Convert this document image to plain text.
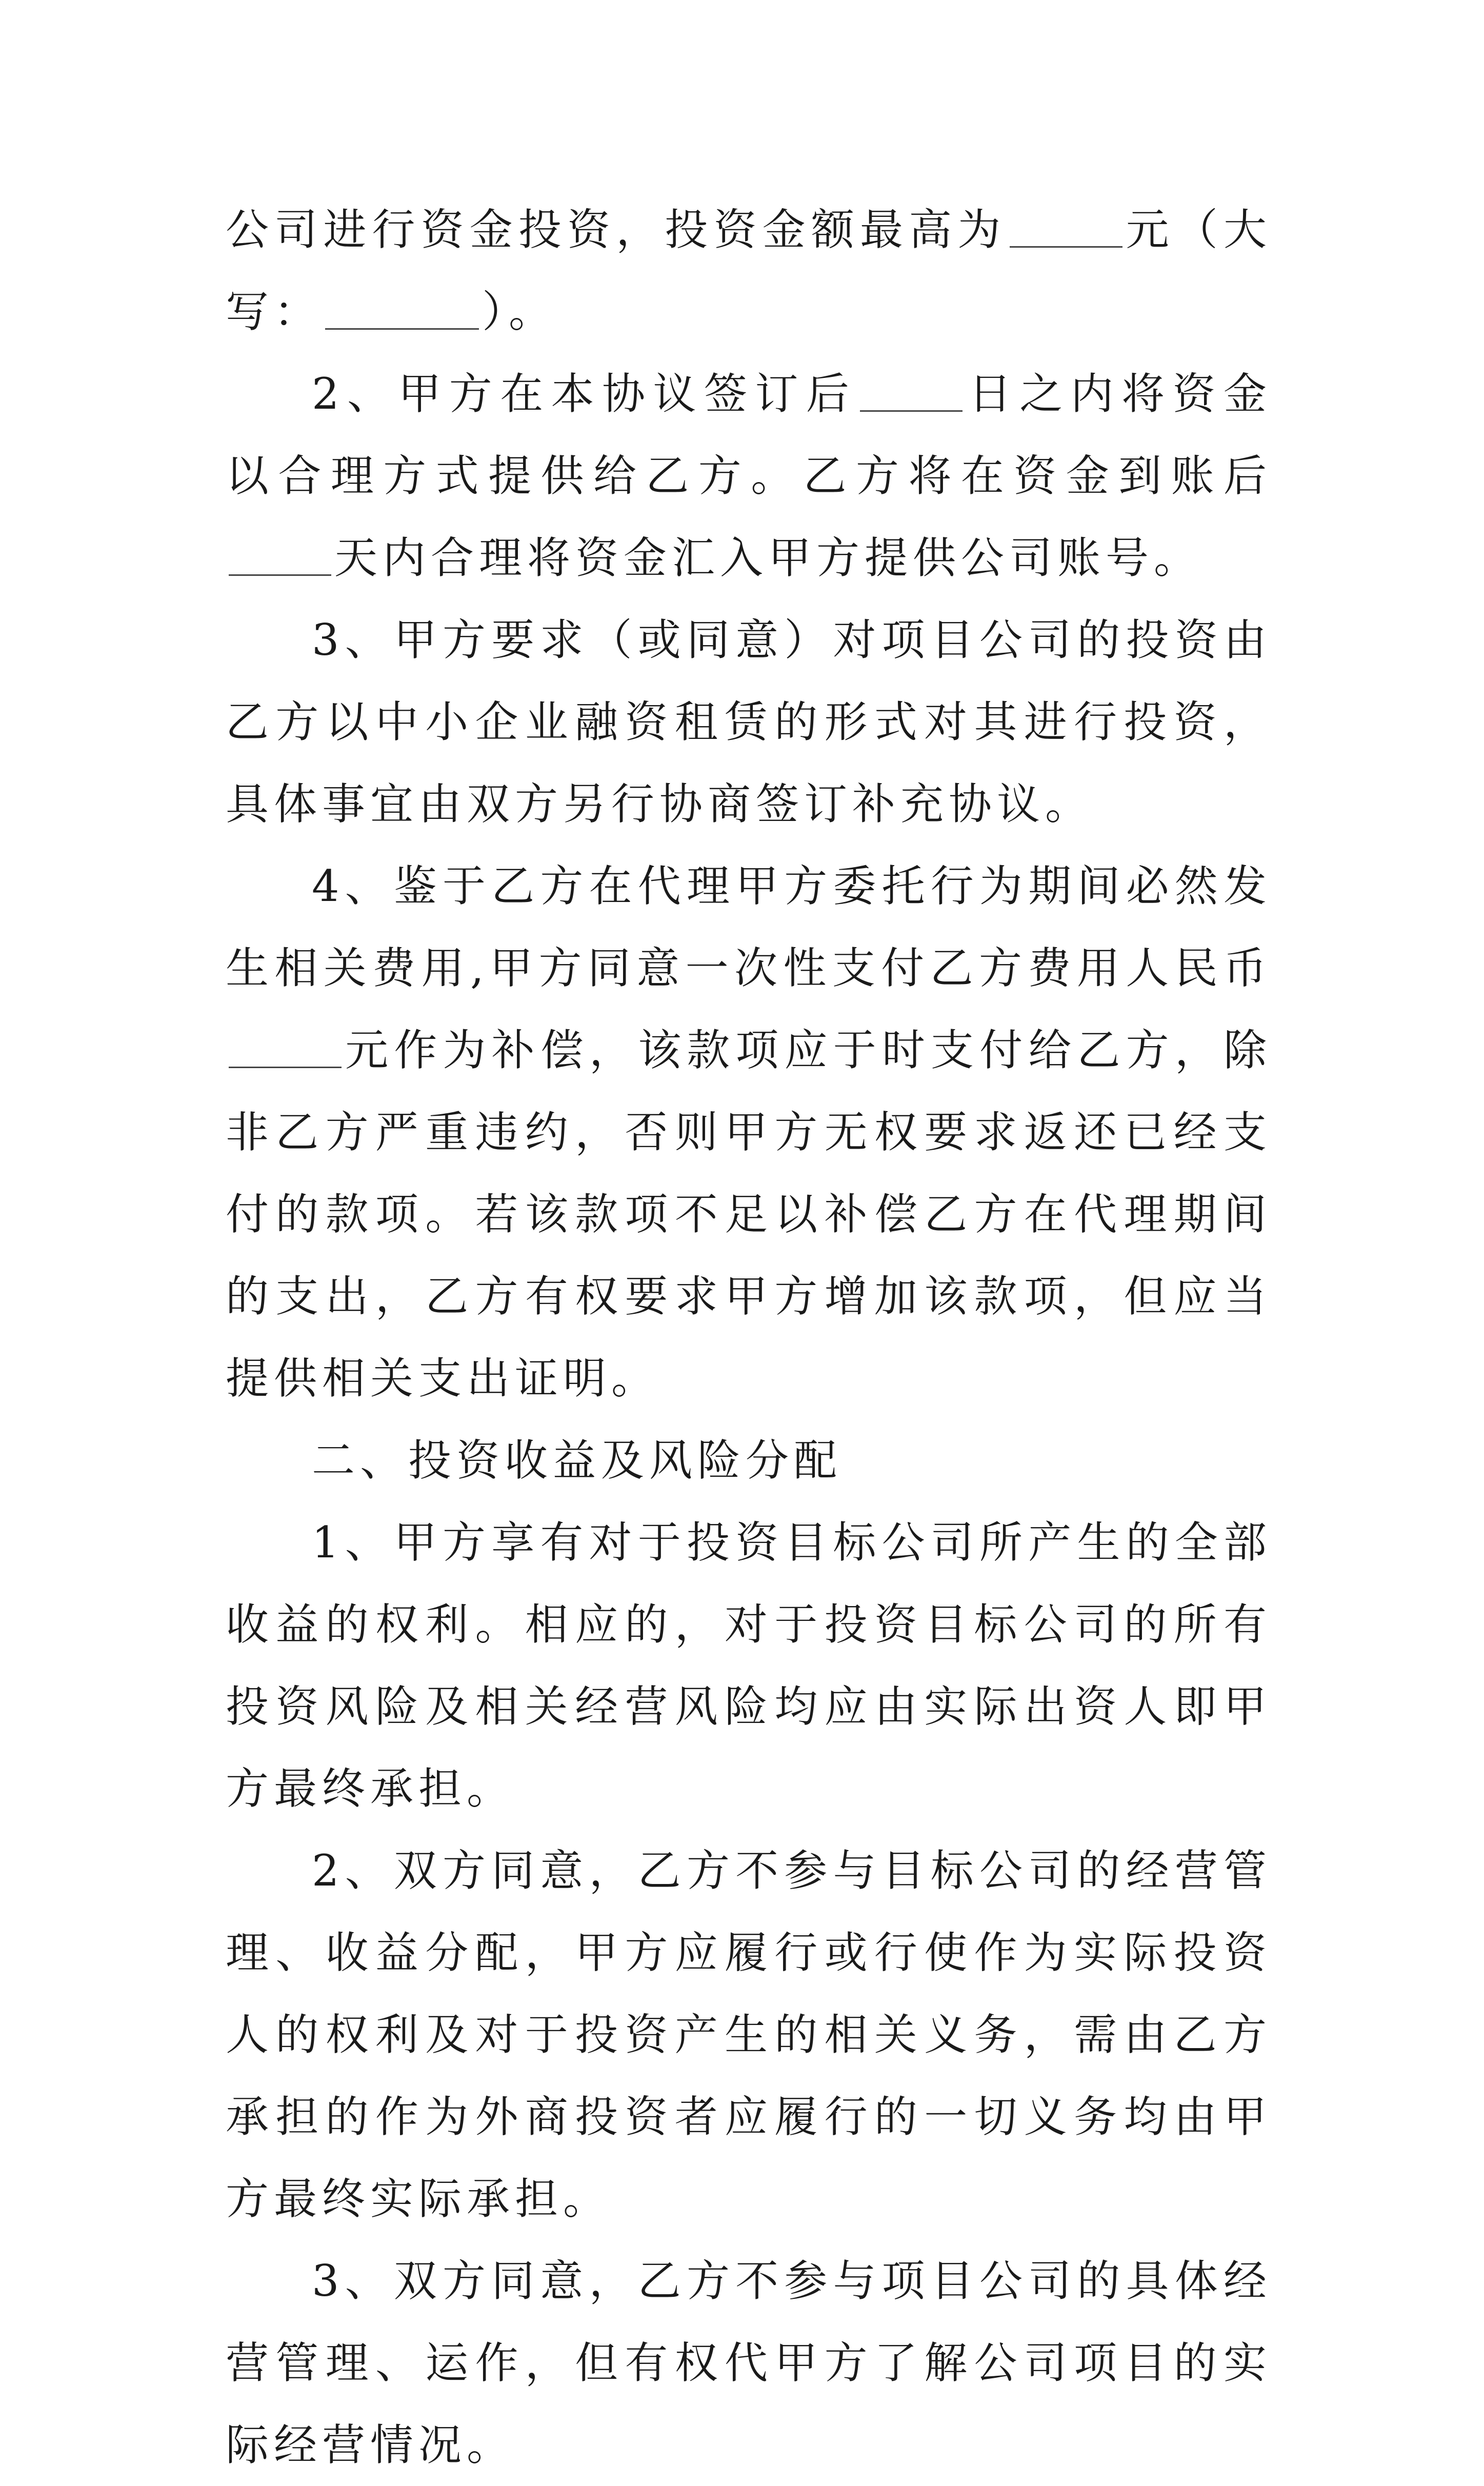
公司进行资金投资，投资金额最高为	元（大写：	）。

2、甲方在本协议签订后	日之内将资金以合理方式提供给乙方。乙方将在资金到账后天内合理将资金汇入甲方提供公司账号。

3、甲方要求（或同意）对项目公司的投资由乙方以中小企业融资租赁的形式对其进行投资，具体事宜由双方另行协商签订补充协议。

4、鉴于乙方在代理甲方委托行为期间必然发生相关费用,甲方同意一次性支付乙方费用人民币元作为补偿，该款项应于时支付给乙方，除非乙方严重违约，否则甲方无权要求返还已经支付的款项。若该款项不足以补偿乙方在代理期间的支出，乙方有权要求甲方增加该款项，但应当提供相关支出证明。

二、投资收益及风险分配

1、甲方享有对于投资目标公司所产生的全部收益的权利。相应的，对于投资目标公司的所有投资风险及相关经营风险均应由实际出资人即甲方最终承担。

2、双方同意，乙方不参与目标公司的经营管理、收益分配，甲方应履行或行使作为实际投资人的权利及对于投资产生的相关义务，需由乙方承担的作为外商投资者应履行的一切义务均由甲方最终实际承担。

3、双方同意，乙方不参与项目公司的具体经营管理、运作，但有权代甲方了解公司项目的实际经营情况。
